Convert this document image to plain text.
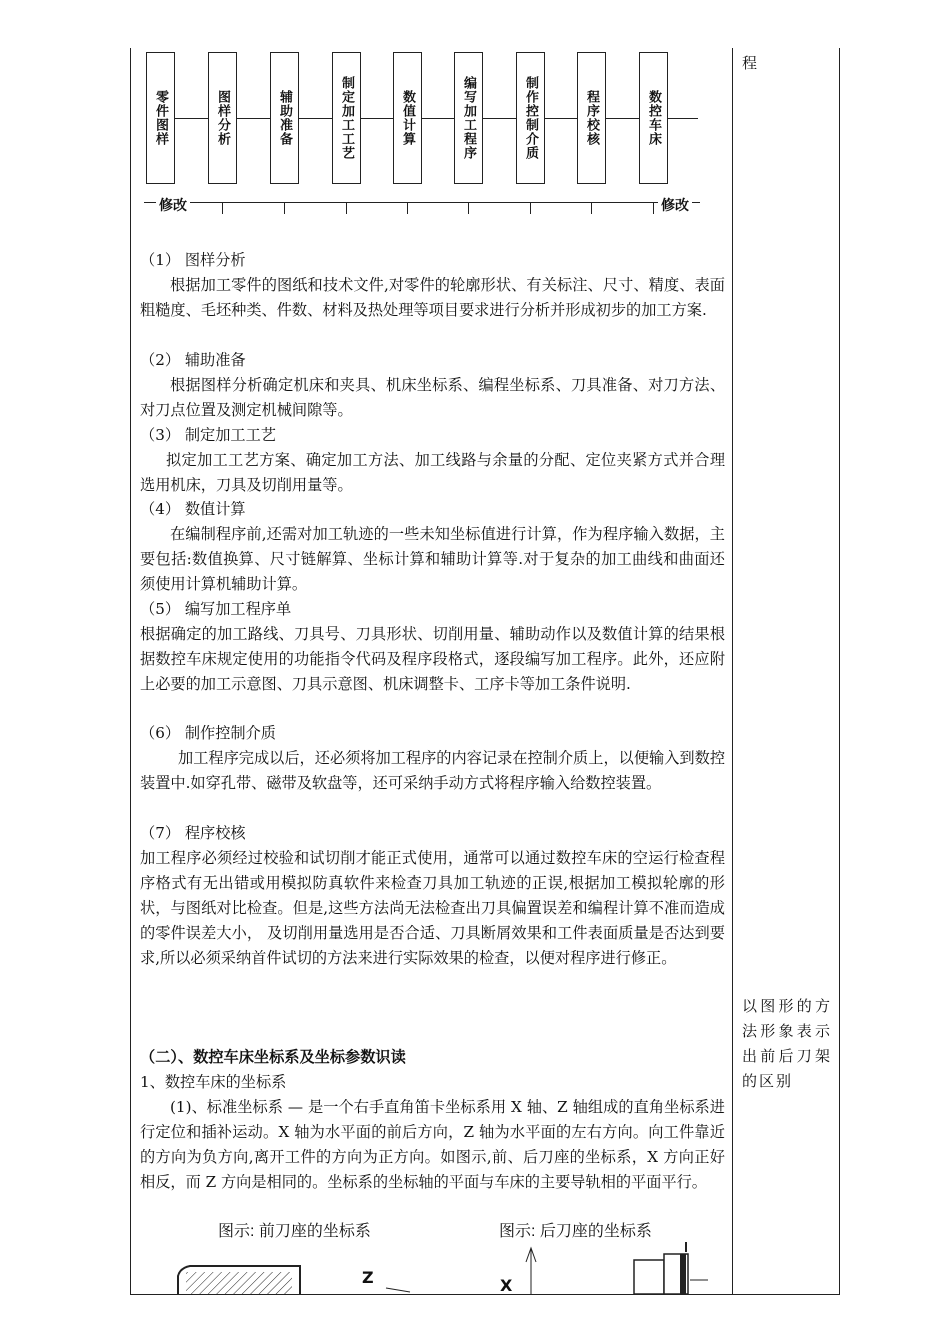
程
以图形的方法形象表示出前后刀架的区别
零件图样	图样分析	辅助准备	制定加工工艺	数值计算	编写加工程序	制作控制介质	程序校核	数控车床
修改	修改
（1） 图样分析
根据加工零件的图纸和技术文件,对零件的轮廓形状、有关标注、尺寸、精度、表面粗糙度、毛坯种类、件数、材料及热处理等项目要求进行分析并形成初步的加工方案.
（2） 辅助准备
根据图样分析确定机床和夹具、机床坐标系、编程坐标系、刀具准备、对刀方法、对刀点位置及测定机械间隙等。
（3） 制定加工工艺
拟定加工工艺方案、确定加工方法、加工线路与余量的分配、定位夹紧方式并合理选用机床，刀具及切削用量等。
（4） 数值计算
在编制程序前,还需对加工轨迹的一些未知坐标值进行计算，作为程序输入数据，主要包括:数值换算、尺寸链解算、坐标计算和辅助计算等.对于复杂的加工曲线和曲面还须使用计算机辅助计算。
（5） 编写加工程序单
根据确定的加工路线、刀具号、刀具形状、切削用量、辅助动作以及数值计算的结果根据数控车床规定使用的功能指令代码及程序段格式，逐段编写加工程序。此外，还应附上必要的加工示意图、刀具示意图、机床调整卡、工序卡等加工条件说明.
（6） 制作控制介质
加工程序完成以后，还必须将加工程序的内容记录在控制介质上，以便输入到数控装置中.如穿孔带、磁带及软盘等，还可采纳手动方式将程序输入给数控装置。
（7） 程序校核
加工程序必须经过校验和试切削才能正式使用，通常可以通过数控车床的空运行检查程序格式有无出错或用模拟防真软件来检查刀具加工轨迹的正误,根据加工模拟轮廓的形状，与图纸对比检查。但是,这些方法尚无法检查出刀具偏置误差和编程计算不准而造成的零件误差大小， 及切削用量选用是否合适、刀具断屑效果和工件表面质量是否达到要求,所以必须采纳首件试切的方法来进行实际效果的检查，以便对程序进行修正。
（二）、数控车床坐标系及坐标参数识读
1、数控车床的坐标系
(1)、标准坐标系 — 是一个右手直角笛卡坐标系用 X 轴、Z 轴组成的直角坐标系进行定位和插补运动。X 轴为水平面的前后方向，Z 轴为水平面的左右方向。向工件靠近的方向为负方向,离开工件的方向为正方向。如图示,前、后刀座的坐标系，X 方向正好相反，而 Z 方向是相同的。坐标系的坐标轴的平面与车床的主要导轨相的平面平行。
图示: 前刀座的坐标系	图示: 后刀座的坐标系
Z	X
